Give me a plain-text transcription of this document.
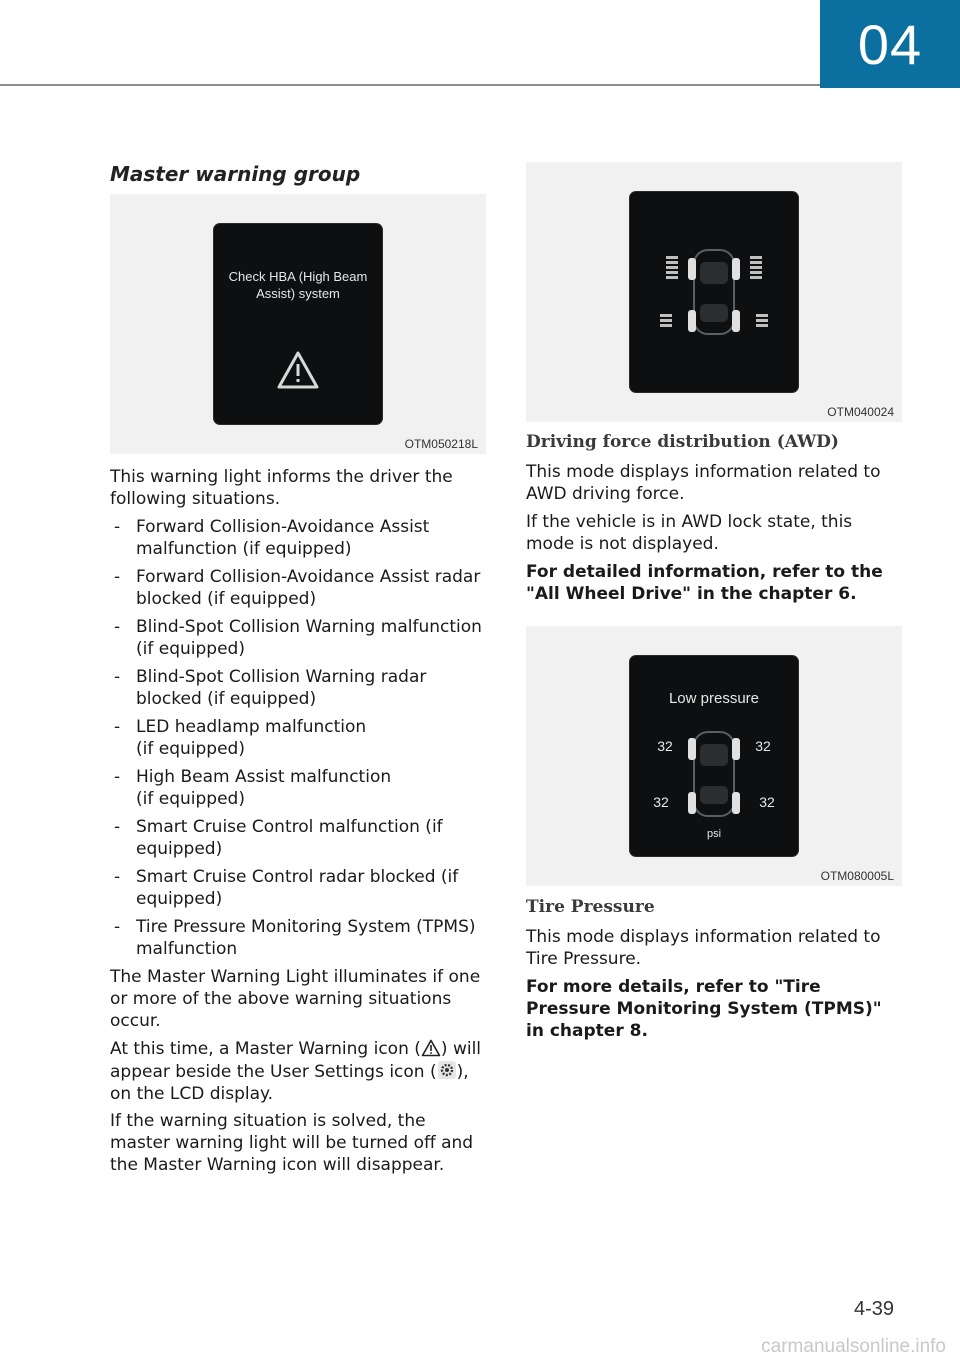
04
Master warning group
Check HBA (High Beam
Assist) system
OTM050218L

This warning light informs the driver the following situations.

- Forward Collision-Avoidance Assist malfunction (if equipped)
- Forward Collision-Avoidance Assist radar blocked (if equipped)
- Blind-Spot Collision Warning malfunction (if equipped)
- Blind-Spot Collision Warning radar blocked (if equipped)
- LED headlamp malfunction
(if equipped)
- High Beam Assist malfunction
(if equipped)
- Smart Cruise Control malfunction (if equipped)
- Smart Cruise Control radar blocked (if equipped)
- Tire Pressure Monitoring System (TPMS) malfunction

The Master Warning Light illuminates if one or more of the above warning situations occur.

At this time, a Master Warning icon ( ) will appear beside the User Settings icon ( ), on the LCD display.

If the warning situation is solved, the master warning light will be turned off and the Master Warning icon will disappear.

OTM040024
Driving force distribution (AWD)

This mode displays information related to AWD driving force.

If the vehicle is in AWD lock state, this mode is not displayed.

For detailed information, refer to the "All Wheel Drive" in the chapter 6.

Low pressure
32	32
32	32
psi
OTM080005L
Tire Pressure

This mode displays information related to Tire Pressure.

For more details, refer to "Tire Pressure Monitoring System (TPMS)" in chapter 8.

4-39
carmanualsonline.info
